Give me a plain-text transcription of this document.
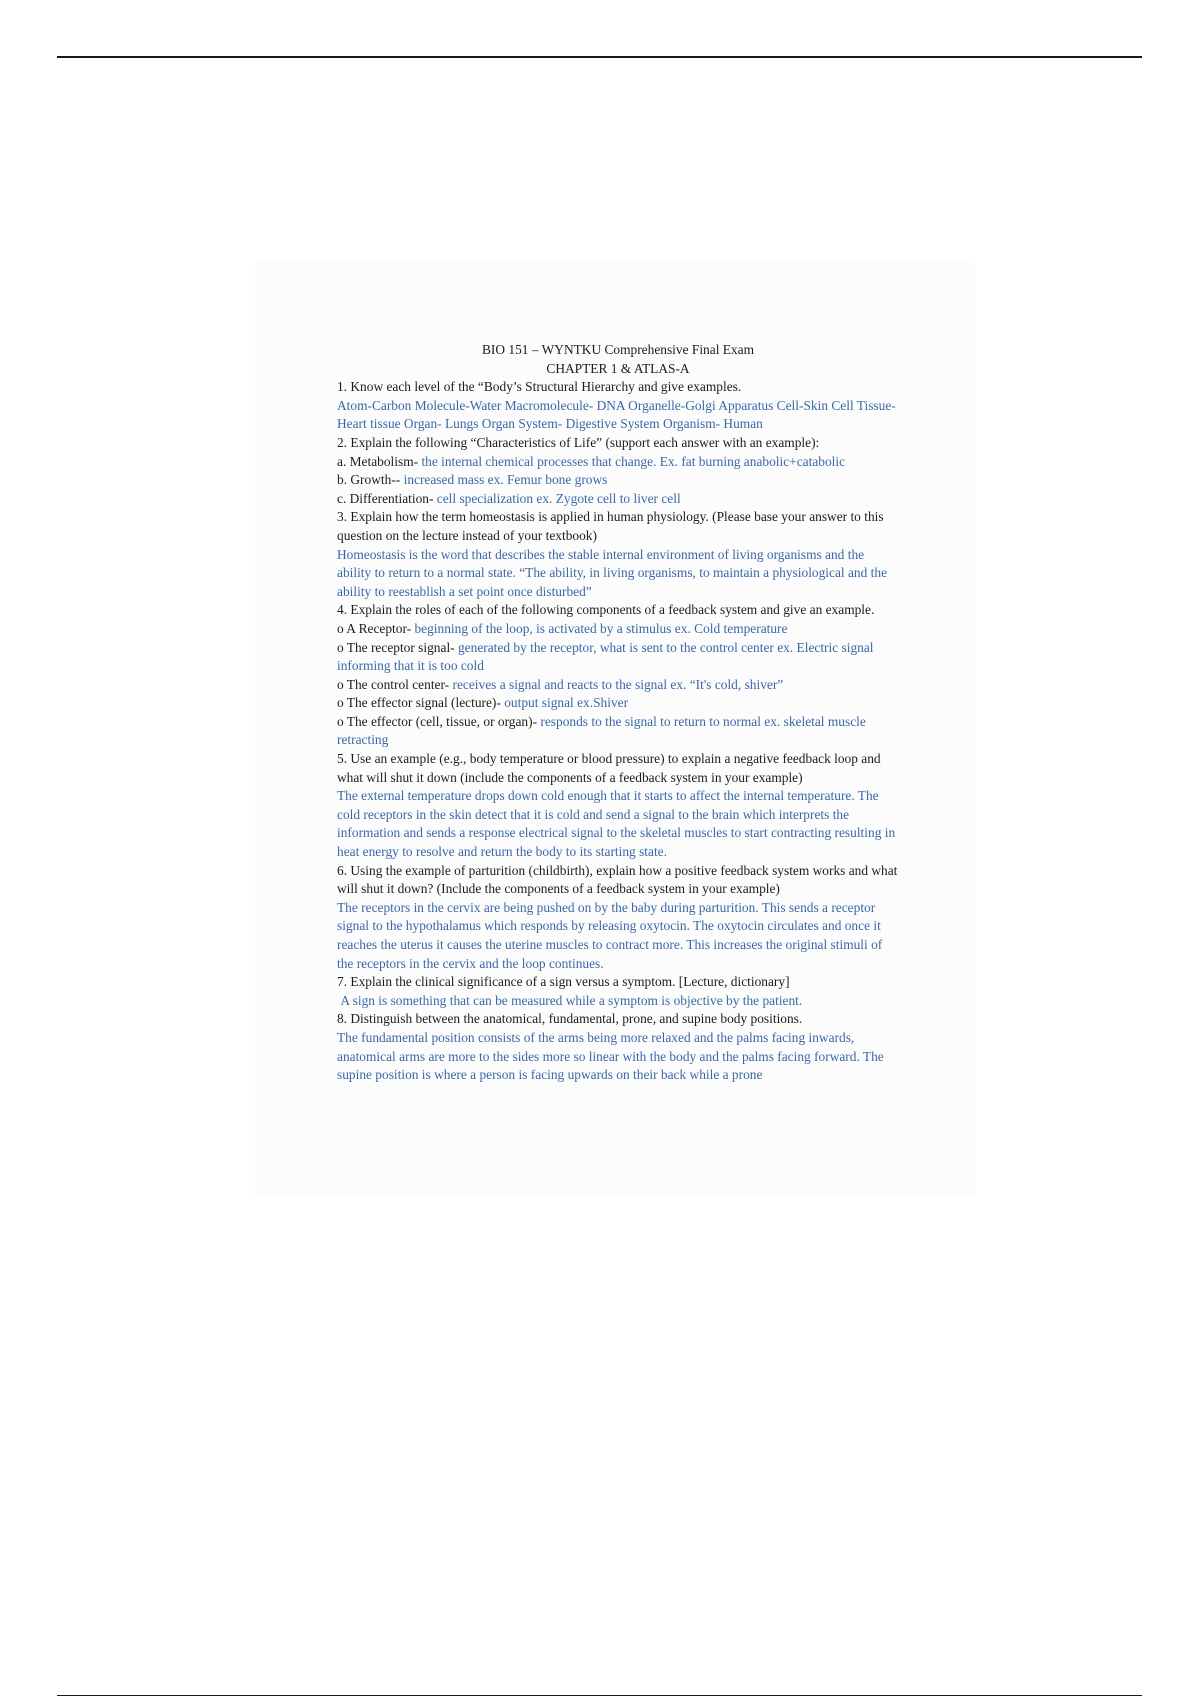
BIO 151 – WYNTKU Comprehensive Final Exam

CHAPTER 1 & ATLAS-A

1. Know each level of the “Body’s Structural Hierarchy and give examples.

Atom-Carbon Molecule-Water Macromolecule- DNA Organelle-Golgi Apparatus Cell-Skin Cell Tissue-Heart tissue Organ- Lungs Organ System- Digestive System Organism- Human

2. Explain the following “Characteristics of Life” (support each answer with an example):

a. Metabolism- the internal chemical processes that change. Ex. fat burning anabolic+catabolic

b. Growth-- increased mass ex. Femur bone grows

c. Differentiation- cell specialization ex. Zygote cell to liver cell

3. Explain how the term homeostasis is applied in human physiology. (Please base your answer to this question on the lecture instead of your textbook)

Homeostasis is the word that describes the stable internal environment of living organisms and the ability to return to a normal state. “The ability, in living organisms, to maintain a physiological and the ability to reestablish a set point once disturbed”

4. Explain the roles of each of the following components of a feedback system and give an example.

o A Receptor- beginning of the loop, is activated by a stimulus ex. Cold temperature

o The receptor signal- generated by the receptor, what is sent to the control center ex. Electric signal informing that it is too cold

o The control center- receives a signal and reacts to the signal ex. “It's cold, shiver”

o The effector signal (lecture)- output signal ex.Shiver

o The effector (cell, tissue, or organ)- responds to the signal to return to normal ex. skeletal muscle retracting

5. Use an example (e.g., body temperature or blood pressure) to explain a negative feedback loop and what will shut it down (include the components of a feedback system in your example)

The external temperature drops down cold enough that it starts to affect the internal temperature. The cold receptors in the skin detect that it is cold and send a signal to the brain which interprets the information and sends a response electrical signal to the skeletal muscles to start contracting resulting in heat energy to resolve and return the body to its starting state.

6. Using the example of parturition (childbirth), explain how a positive feedback system works and what will shut it down? (Include the components of a feedback system in your example)

The receptors in the cervix are being pushed on by the baby during parturition. This sends a receptor signal to the hypothalamus which responds by releasing oxytocin. The oxytocin circulates and once it reaches the uterus it causes the uterine muscles to contract more. This increases the original stimuli of the receptors in the cervix and the loop continues.

7. Explain the clinical significance of a sign versus a symptom. [Lecture, dictionary]

A sign is something that can be measured while a symptom is objective by the patient.

8. Distinguish between the anatomical, fundamental, prone, and supine body positions.

The fundamental position consists of the arms being more relaxed and the palms facing inwards, anatomical arms are more to the sides more so linear with the body and the palms facing forward. The supine position is where a person is facing upwards on their back while a prone
